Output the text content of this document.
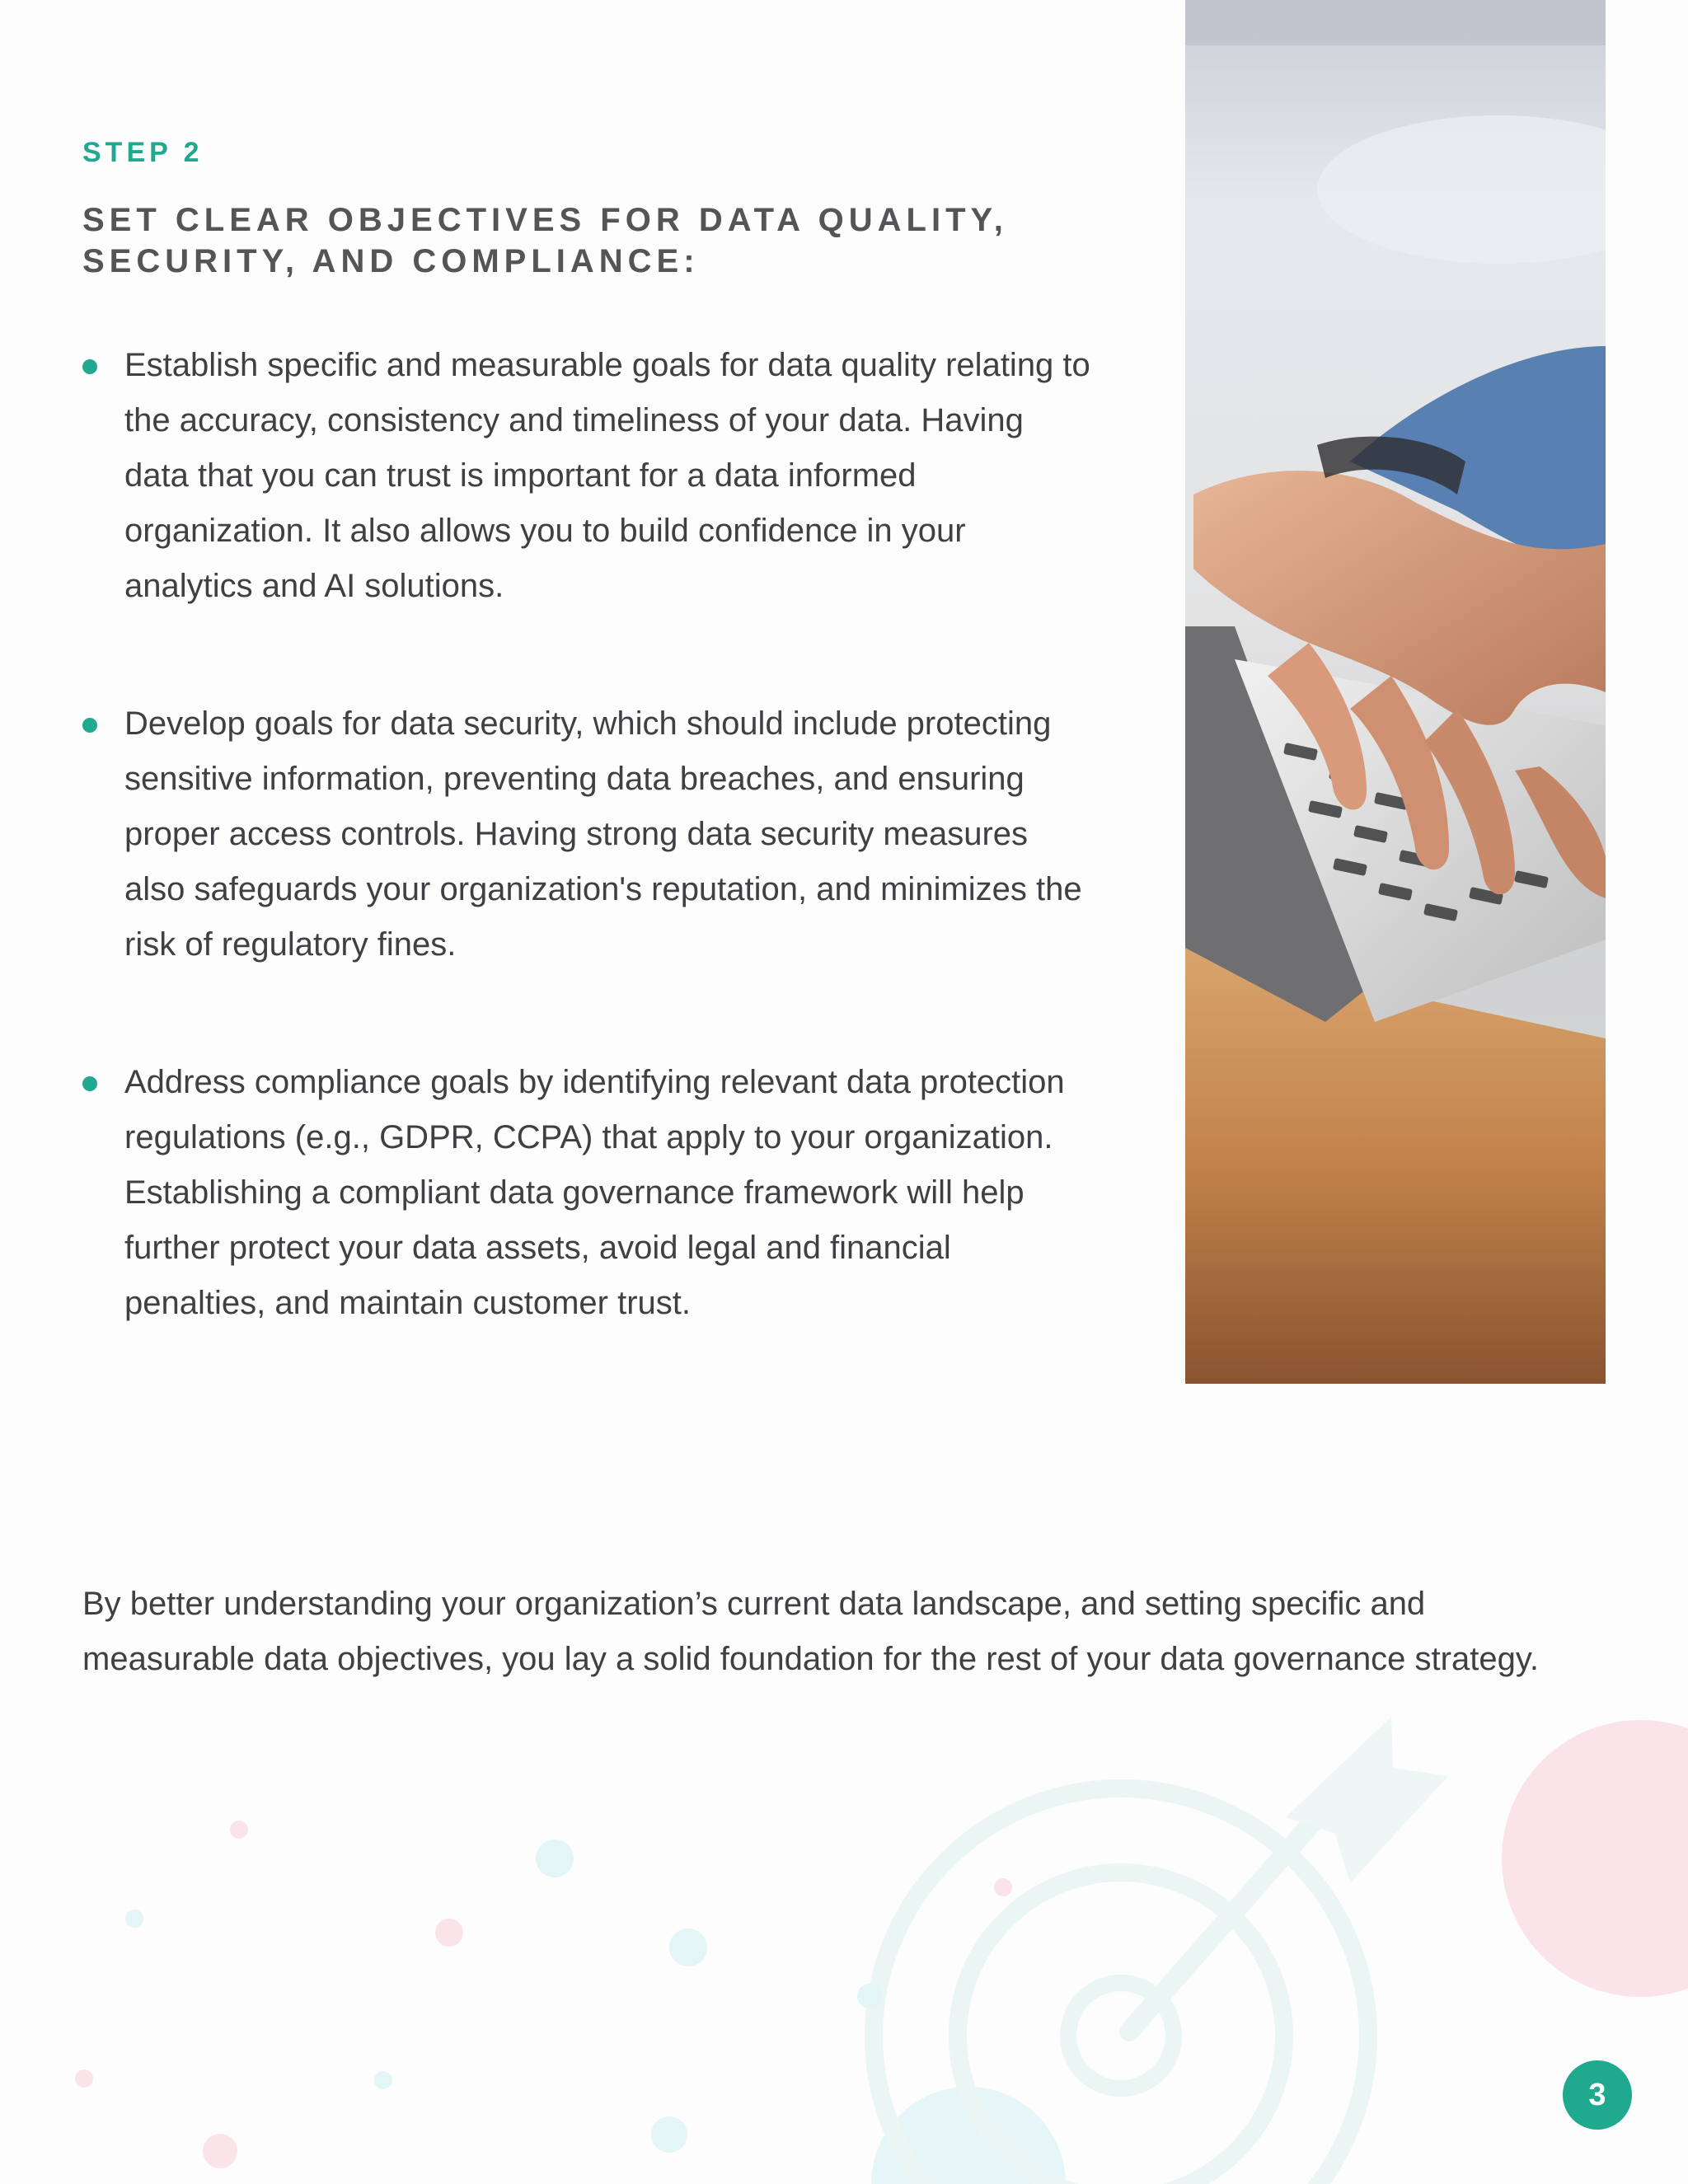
STEP 2
SET CLEAR OBJECTIVES FOR DATA QUALITY,
SECURITY, AND COMPLIANCE:
Establish specific and measurable goals for data quality relating to the accuracy, consistency and timeliness of your data. Having data that you can trust is important for a data informed organization. It also allows you to build confidence in your analytics and AI solutions.
Develop goals for data security, which should include protecting sensitive information, preventing data breaches, and ensuring proper access controls. Having strong data security measures also safeguards your organization's reputation, and minimizes the risk of regulatory fines.
Address compliance goals by identifying relevant data protection regulations (e.g., GDPR, CCPA) that apply to your organization. Establishing a compliant data governance framework will help further protect your data assets, avoid legal and financial penalties, and maintain customer trust.

By better understanding your organization’s current data landscape, and setting specific and measurable data objectives, you lay a solid foundation for the rest of your data governance strategy.

3
